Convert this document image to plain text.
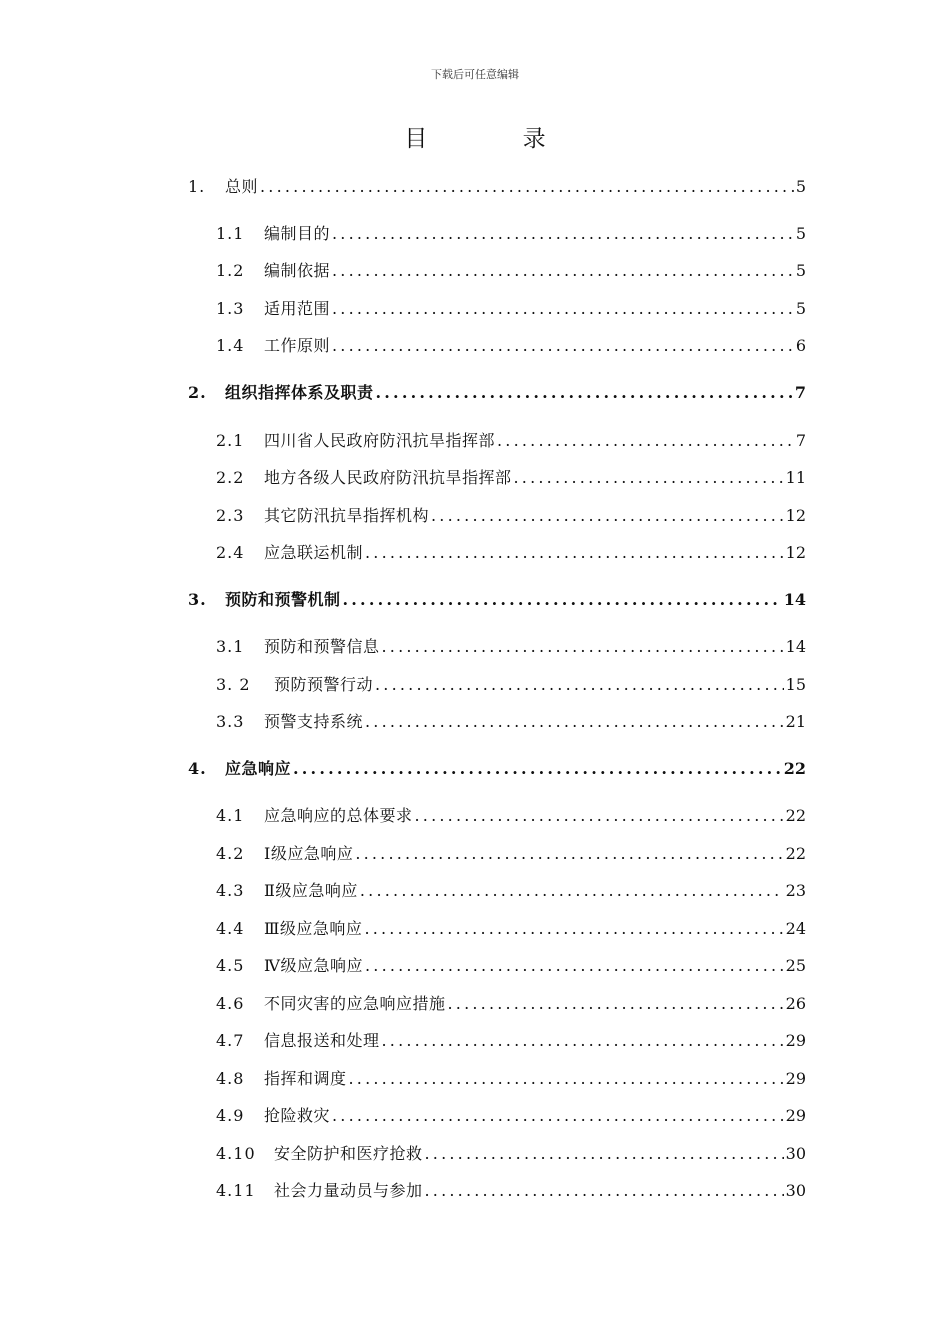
下载后可任意编辑
目 录
1.	总则 .....	5
1.1	编制目的 .....	5
1.2	编制依据 .....	5
1.3	适用范围 .....	5
1.4	工作原则 .....	6
2.	组织指挥体系及职责 .....	7
2.1	四川省人民政府防汛抗旱指挥部 .....	7
2.2	地方各级人民政府防汛抗旱指挥部 .....	11
2.3	其它防汛抗旱指挥机构 .....	12
2.4	应急联运机制 .....	12
3.	预防和预警机制 .....	14
3.1	预防和预警信息 .....	14
3. 2	预防预警行动 .....	15
3.3	预警支持系统 .....	21
4.	应急响应 .....	22
4.1	应急响应的总体要求 .....	22
4.2	Ⅰ级应急响应 .....	22
4.3	Ⅱ级应急响应 .....	23
4.4	Ⅲ级应急响应 .....	24
4.5	Ⅳ级应急响应 .....	25
4.6	不同灾害的应急响应措施 .....	26
4.7	信息报送和处理 .....	29
4.8	指挥和调度 .....	29
4.9	抢险救灾 .....	29
4.10	安全防护和医疗抢救 .....	30
4.11	社会力量动员与参加 .....	30
